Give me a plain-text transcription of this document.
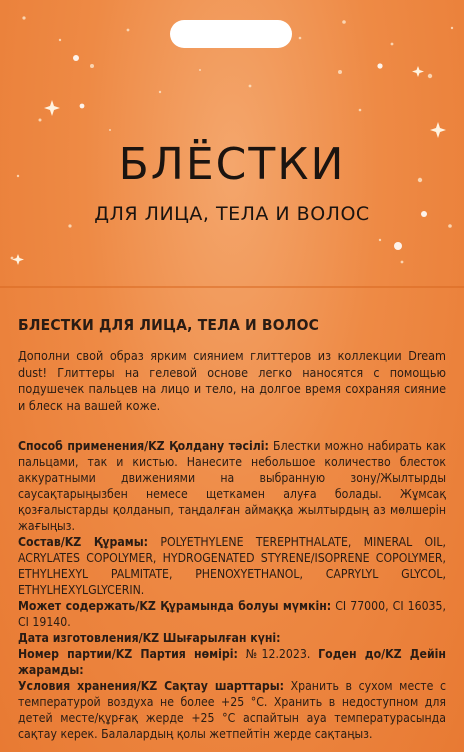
БЛЁСТКИ
ДЛЯ ЛИЦА, ТЕЛА И ВОЛОС
БЛЕСТКИ ДЛЯ ЛИЦА, ТЕЛА И ВОЛОС
Дополни свой образ ярким сиянием глиттеров из коллекции Dream dust! Глиттеры на гелевой основе легко наносятся с помощью подушечек пальцев на лицо и тело, на долгое время сохраняя сияние и блеск на вашей коже.
Способ применения/KZ Қолдану тәсілі: Блестки можно набирать как пальцами, так и кистью. Нанесите небольшое количество блесток аккуратными движениями на выбранную зону/Жылтырды саусақтарыңызбен немесе щеткамен алуға болады. Жұмсақ қозғалыстарды қолданып, таңдалған аймаққа жылтырдың аз мөлшерін жағыңыз.
Состав/KZ Құрамы: POLYETHYLENE TEREPHTHALATE, MINERAL OIL, ACRYLATES COPOLYMER, HYDROGENATED STYRENE/ISOPRENE COPOLYMER, ETHYLHEXYL PALMITATE, PHENOXYETHANOL, CAPRYLYL GLYCOL, ETHYLHEXYLGLYCERIN.
Может содержать/KZ Құрамында болуы мүмкін: CI 77000, CI 16035, CI 19140.
Дата изготовления/KZ Шығарылған күні:
Номер партии/KZ Партия нөмірі: №12.2023. Годен до/KZ Дейін жарамды:
Условия хранения/KZ Сақтау шарттары: Хранить в сухом месте с температурой воздуха не более +25 °С. Хранить в недоступном для детей месте/құрғақ жерде +25 °С аспайтын ауа температурасында сақтау керек. Балалардың қолы жетпейтін жерде сақтаңыз.
